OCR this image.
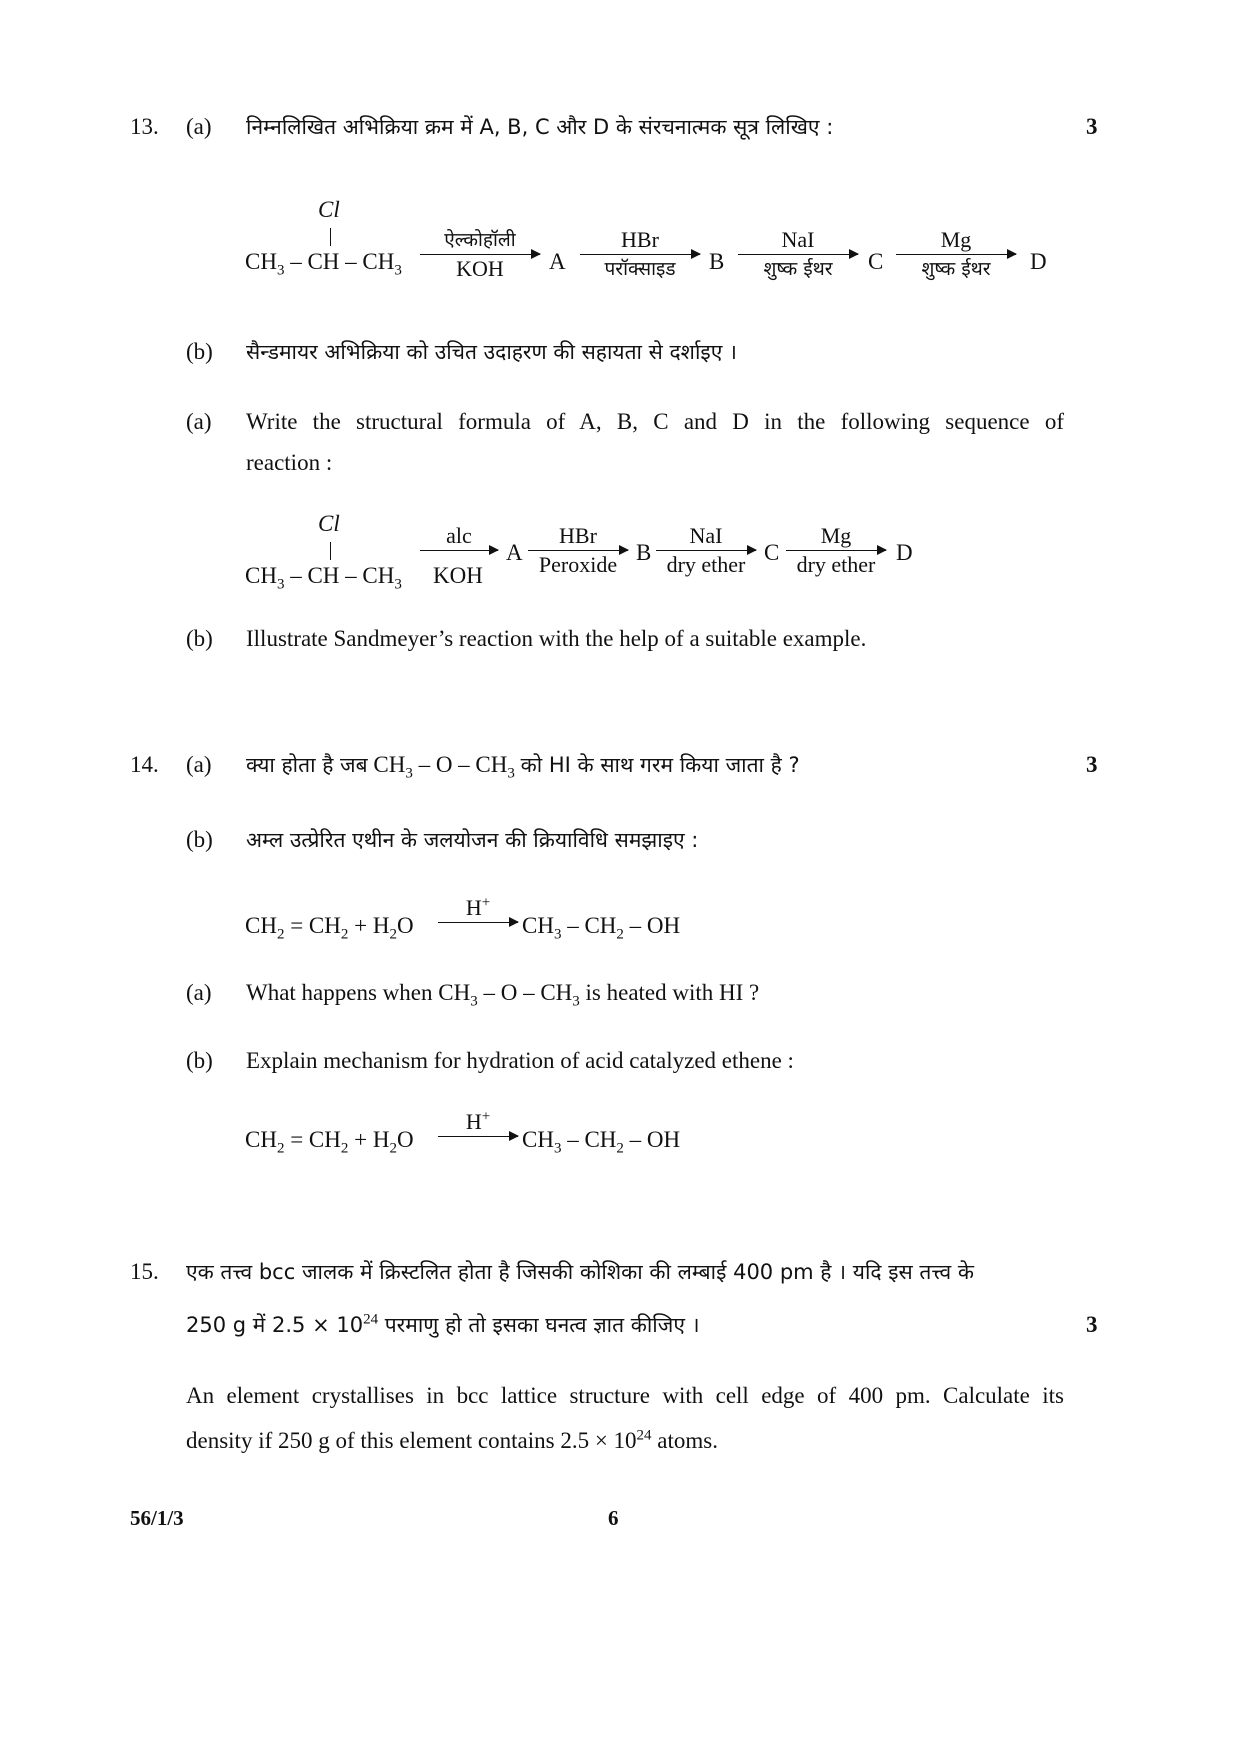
13. (a) निम्नलिखित अभिक्रिया क्रम में A, B, C और D के संरचनात्मक सूत्र लिखिए :	3
Cl
$CH_3$ – CH – $CH_3$
ऐल्कोहॉली
KOH	A
HBr
परॉक्साइड	B
NaI
शुष्क ईथर	C
Mg
शुष्क ईथर	D
(b) सैन्डमायर अभिक्रिया को उचित उदाहरण की सहायता से दर्शाइए ।
(a) Write the structural formula of A, B, C and D in the following sequence of
reaction :
Cl
$CH_3$ – CH – $CH_3$
alc
KOH
A
HBr
Peroxide B
NaI
dry ether C
Mg
dry ether D
(b) Illustrate Sandmeyer’s reaction with the help of a suitable example.
14. (a) क्या होता है जब $CH_3$ – O – $CH_3$ को HI के साथ गरम किया जाता है ?	3
(b) अम्ल उत्प्रेरित एथीन के जलयोजन की क्रियाविधि समझाइए :
$CH_2 = CH_2 + H_2O$
H+
$CH_3 - CH_2$ – OH
(a) What happens when $CH_3$ – O – $CH_3$ is heated with HI ?
(b) Explain mechanism for hydration of acid catalyzed ethene :
$CH_2 = CH_2 + H_2O$
H+
$CH_3 - CH_2$ – OH
15. एक तत्त्व bcc जालक में क्रिस्टलित होता है जिसकी कोशिका की लम्बाई 400 pm है । यदि इस तत्त्व के
250 g में $2.5 \times 10^{24}$ परमाणु हो तो इसका घनत्व ज्ञात कीजिए ।	3
An element crystallises in bcc lattice structure with cell edge of 400 pm. Calculate its
density if 250 g of this element contains $2.5 \times 10^{24}$ atoms.
56/1/3	6
